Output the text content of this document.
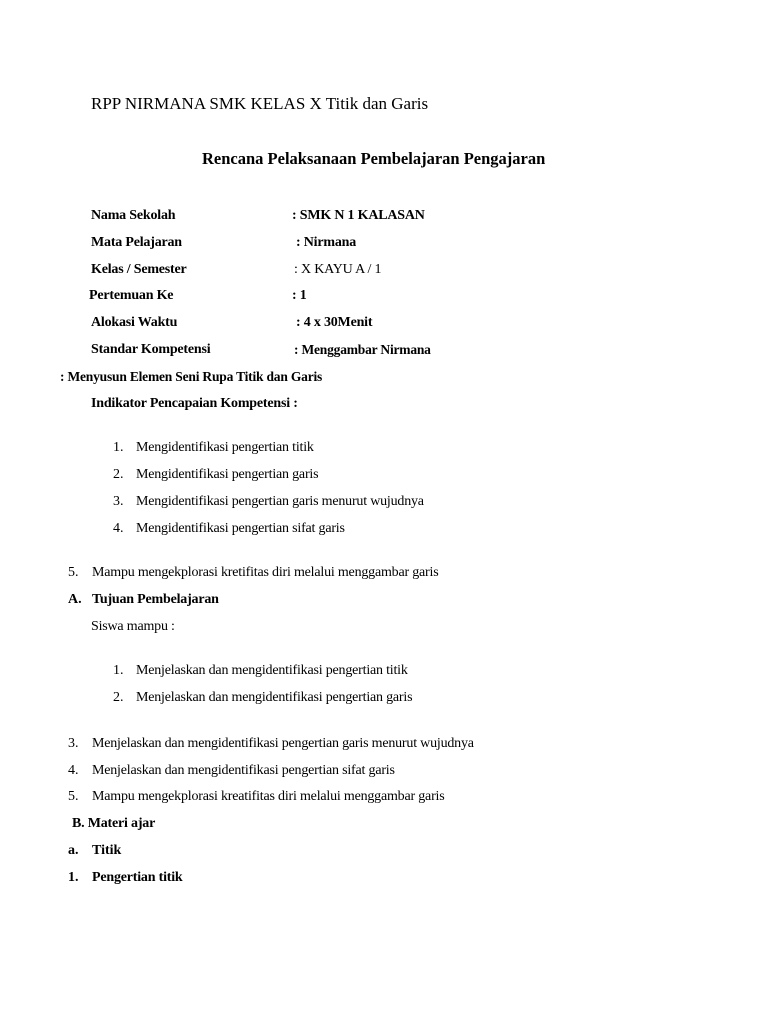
RPP NIRMANA SMK KELAS X Titik dan Garis
Rencana Pelaksanaan Pembelajaran Pengajaran
Nama Sekolah	: SMK N 1 KALASAN
Mata Pelajaran	: Nirmana
Kelas / Semester	: X KAYU A / 1
Pertemuan Ke	: 1
Alokasi Waktu	: 4 x 30Menit
Standar Kompetensi	: Menggambar Nirmana
: Menyusun Elemen Seni Rupa Titik dan Garis
Indikator Pencapaian Kompetensi :
1. Mengidentifikasi pengertian titik
2. Mengidentifikasi pengertian garis
3. Mengidentifikasi pengertian garis menurut wujudnya
4. Mengidentifikasi pengertian sifat garis
5. Mampu mengekplorasi kretifitas diri melalui menggambar garis
A. Tujuan Pembelajaran
Siswa mampu :
1. Menjelaskan dan mengidentifikasi pengertian titik
2. Menjelaskan dan mengidentifikasi pengertian garis
3. Menjelaskan dan mengidentifikasi pengertian garis menurut wujudnya
4. Menjelaskan dan mengidentifikasi pengertian sifat garis
5. Mampu mengekplorasi kreatifitas diri melalui menggambar garis
B. Materi ajar
a. Titik
1. Pengertian titik
